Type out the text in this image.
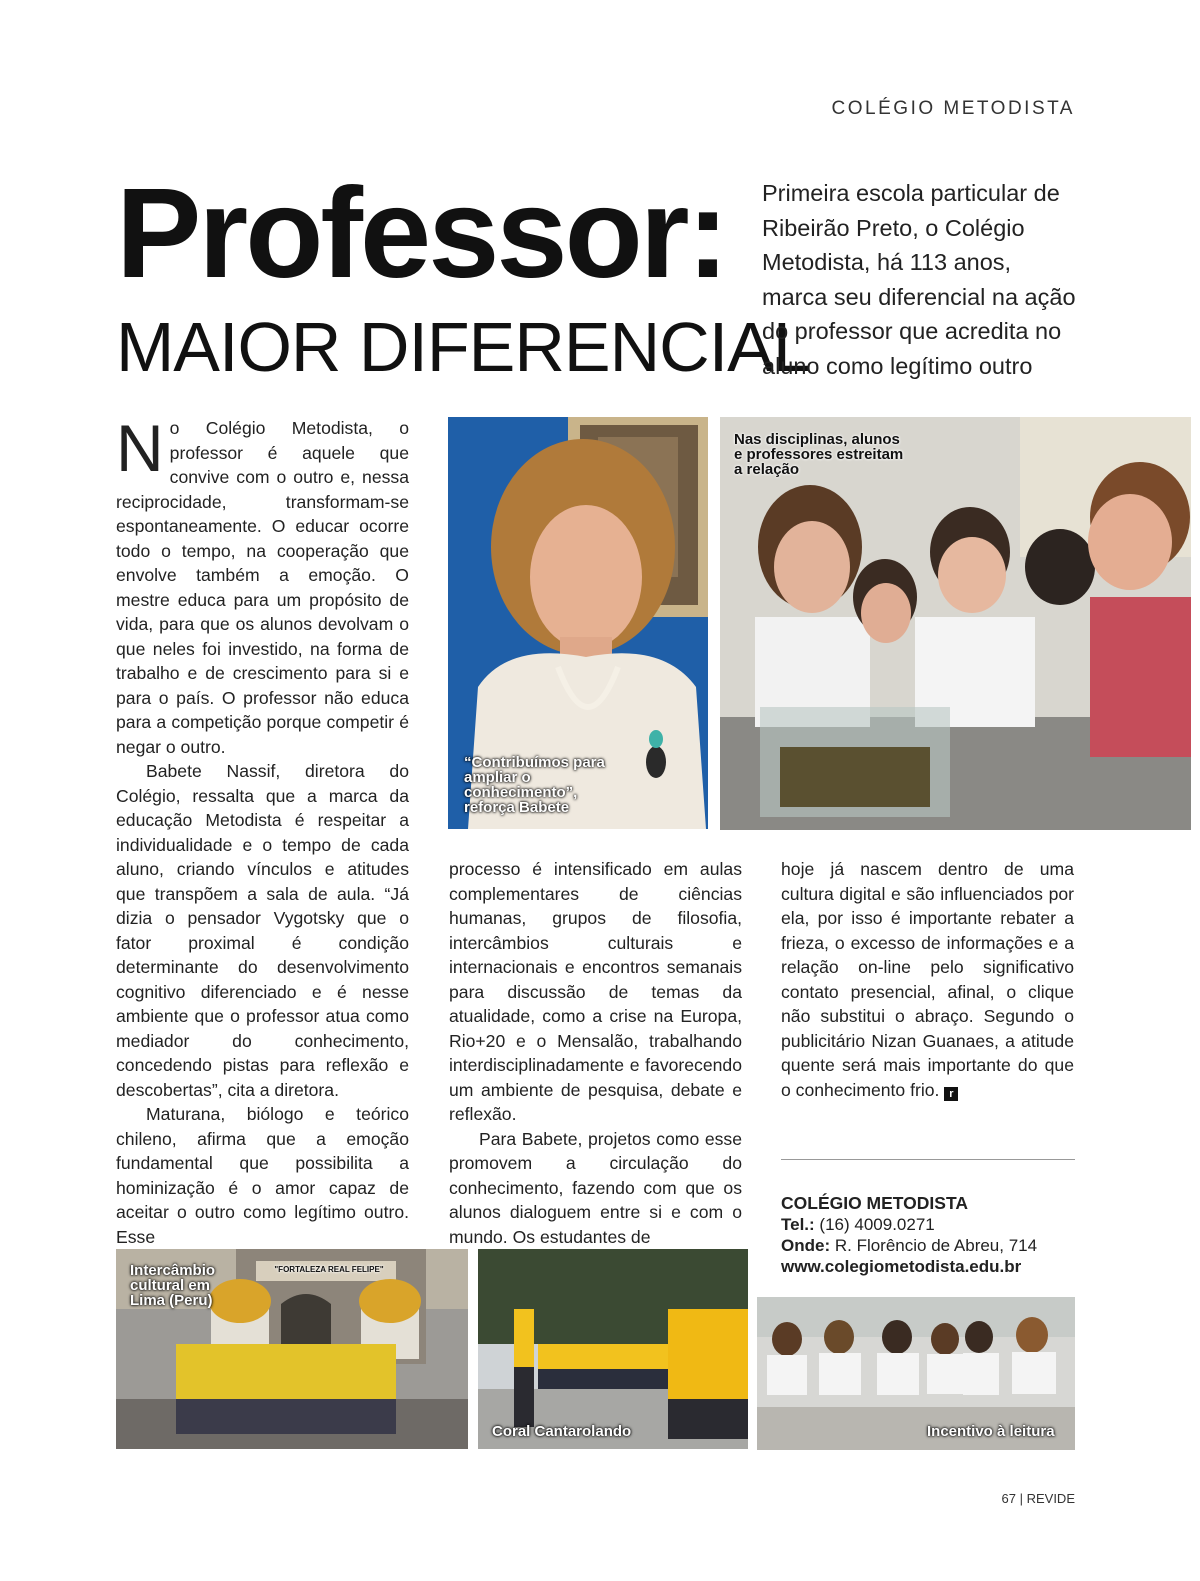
COLÉGIO METODISTA
Professor:
MAIOR DIFERENCIAL
Primeira escola particular de Ribeirão Preto, o Colégio Metodista, há 113 anos, marca seu diferencial na ação do professor que acredita no aluno como legítimo outro

No Colégio Metodista, o professor é aquele que convive com o outro e, nessa reciprocidade, transformam-se espontaneamente. O educar ocorre todo o tempo, na cooperação que envolve também a emoção. O mestre educa para um propósito de vida, para que os alunos devolvam o que neles foi investido, na forma de trabalho e de crescimento para si e para o país. O professor não educa para a competição porque competir é negar o outro.

Babete Nassif, diretora do Colégio, ressalta que a marca da educação Metodista é respeitar a individualidade e o tempo de cada aluno, criando vínculos e atitudes que transpõem a sala de aula. “Já dizia o pensador Vygotsky que o fator proximal é condição determinante do desenvolvimento cognitivo diferenciado e é nesse ambiente que o professor atua como mediador do conhecimento, concedendo pistas para reflexão e descobertas”, cita a diretora.

Maturana, biólogo e teórico chileno, afirma que a emoção fundamental que possibilita a hominização é o amor capaz de aceitar o outro como legítimo outro. Esse

processo é intensificado em aulas complementares de ciências humanas, grupos de filosofia, intercâmbios culturais e internacionais e encontros semanais para discussão de temas da atualidade, como a crise na Europa, Rio+20 e o Mensalão, trabalhando interdisciplinadamente e favorecendo um ambiente de pesquisa, debate e reflexão.

Para Babete, projetos como esse promovem a circulação do conhecimento, fazendo com que os alunos dialoguem entre si e com o mundo. Os estudantes de

hoje já nascem dentro de uma cultura digital e são influenciados por ela, por isso é importante rebater a frieza, o excesso de informações e a relação on-line pelo significativo contato presencial, afinal, o clique não substitui o abraço. Segundo o publicitário Nizan Guanaes, a atitude quente será mais importante do que o conhecimento frio. r

“Contribuímos para ampliar o conhecimento”, reforça Babete
Nas disciplinas, alunos e professores estreitam a relação
Intercâmbio cultural em Lima (Peru)
"FORTALEZA REAL FELIPE"
Coral Cantarolando	Incentivo à leitura
COLÉGIO METODISTA
Tel.: (16) 4009.0271
Onde: R. Florêncio de Abreu, 714
www.colegiometodista.edu.br
67 | REVIDE
